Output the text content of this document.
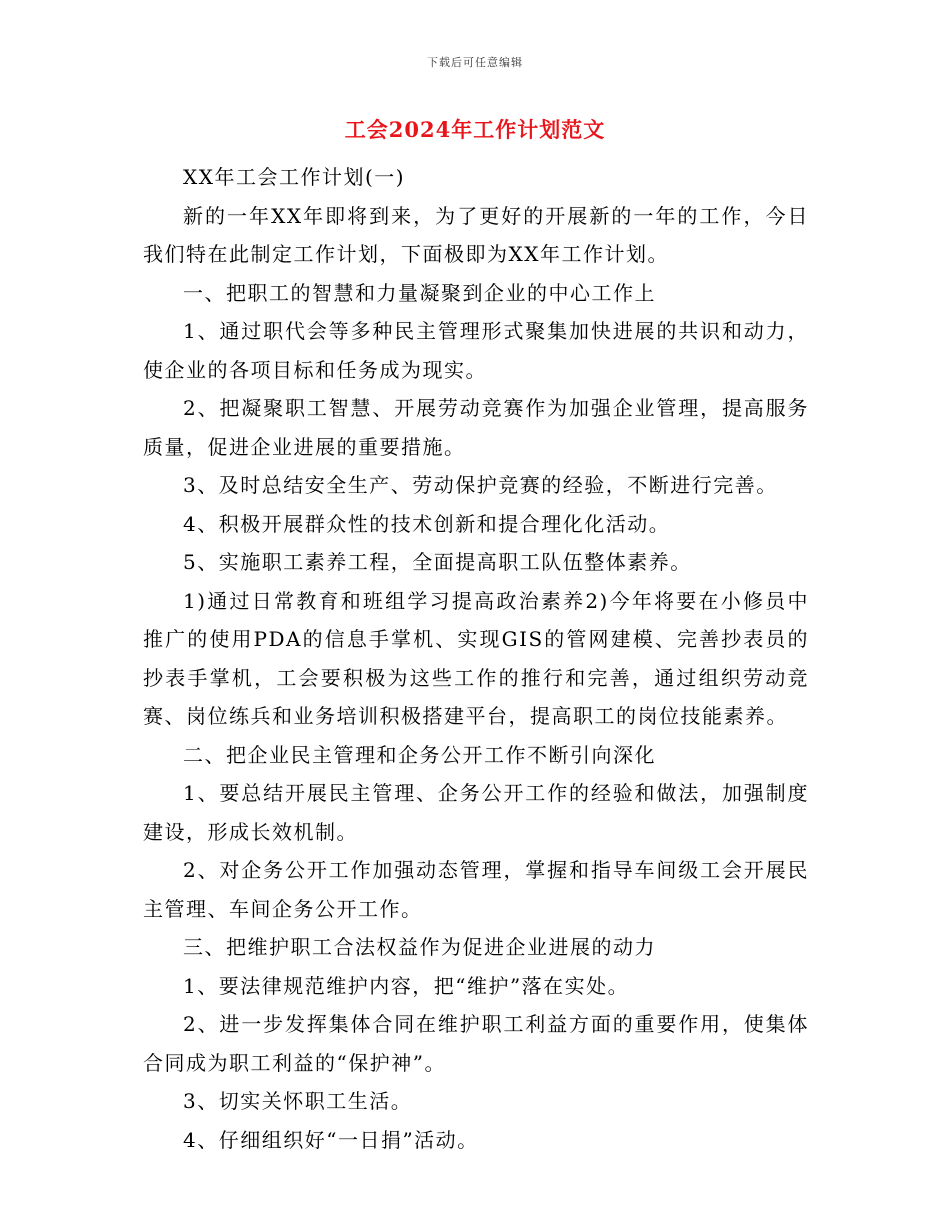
下载后可任意编辑
工会2024年工作计划范文

XX年工会工作计划(一)

新的一年XX年即将到来，为了更好的开展新的一年的工作，今日我们特在此制定工作计划，下面极即为XX年工作计划。

一、把职工的智慧和力量凝聚到企业的中心工作上

1、通过职代会等多种民主管理形式聚集加快进展的共识和动力，使企业的各项目标和任务成为现实。

2、把凝聚职工智慧、开展劳动竞赛作为加强企业管理，提高服务质量，促进企业进展的重要措施。

3、及时总结安全生产、劳动保护竞赛的经验，不断进行完善。

4、积极开展群众性的技术创新和提合理化化活动。

5、实施职工素养工程，全面提高职工队伍整体素养。

1)通过日常教育和班组学习提高政治素养2)今年将要在小修员中推广的使用PDA的信息手掌机、实现GIS的管网建模、完善抄表员的抄表手掌机，工会要积极为这些工作的推行和完善，通过组织劳动竞赛、岗位练兵和业务培训积极搭建平台，提高职工的岗位技能素养。

二、把企业民主管理和企务公开工作不断引向深化

1、要总结开展民主管理、企务公开工作的经验和做法，加强制度建设，形成长效机制。

2、对企务公开工作加强动态管理，掌握和指导车间级工会开展民主管理、车间企务公开工作。

三、把维护职工合法权益作为促进企业进展的动力

1、要法律规范维护内容，把“维护”落在实处。

2、进一步发挥集体合同在维护职工利益方面的重要作用，使集体合同成为职工利益的“保护神”。

3、切实关怀职工生活。

4、仔细组织好“一日捐”活动。
